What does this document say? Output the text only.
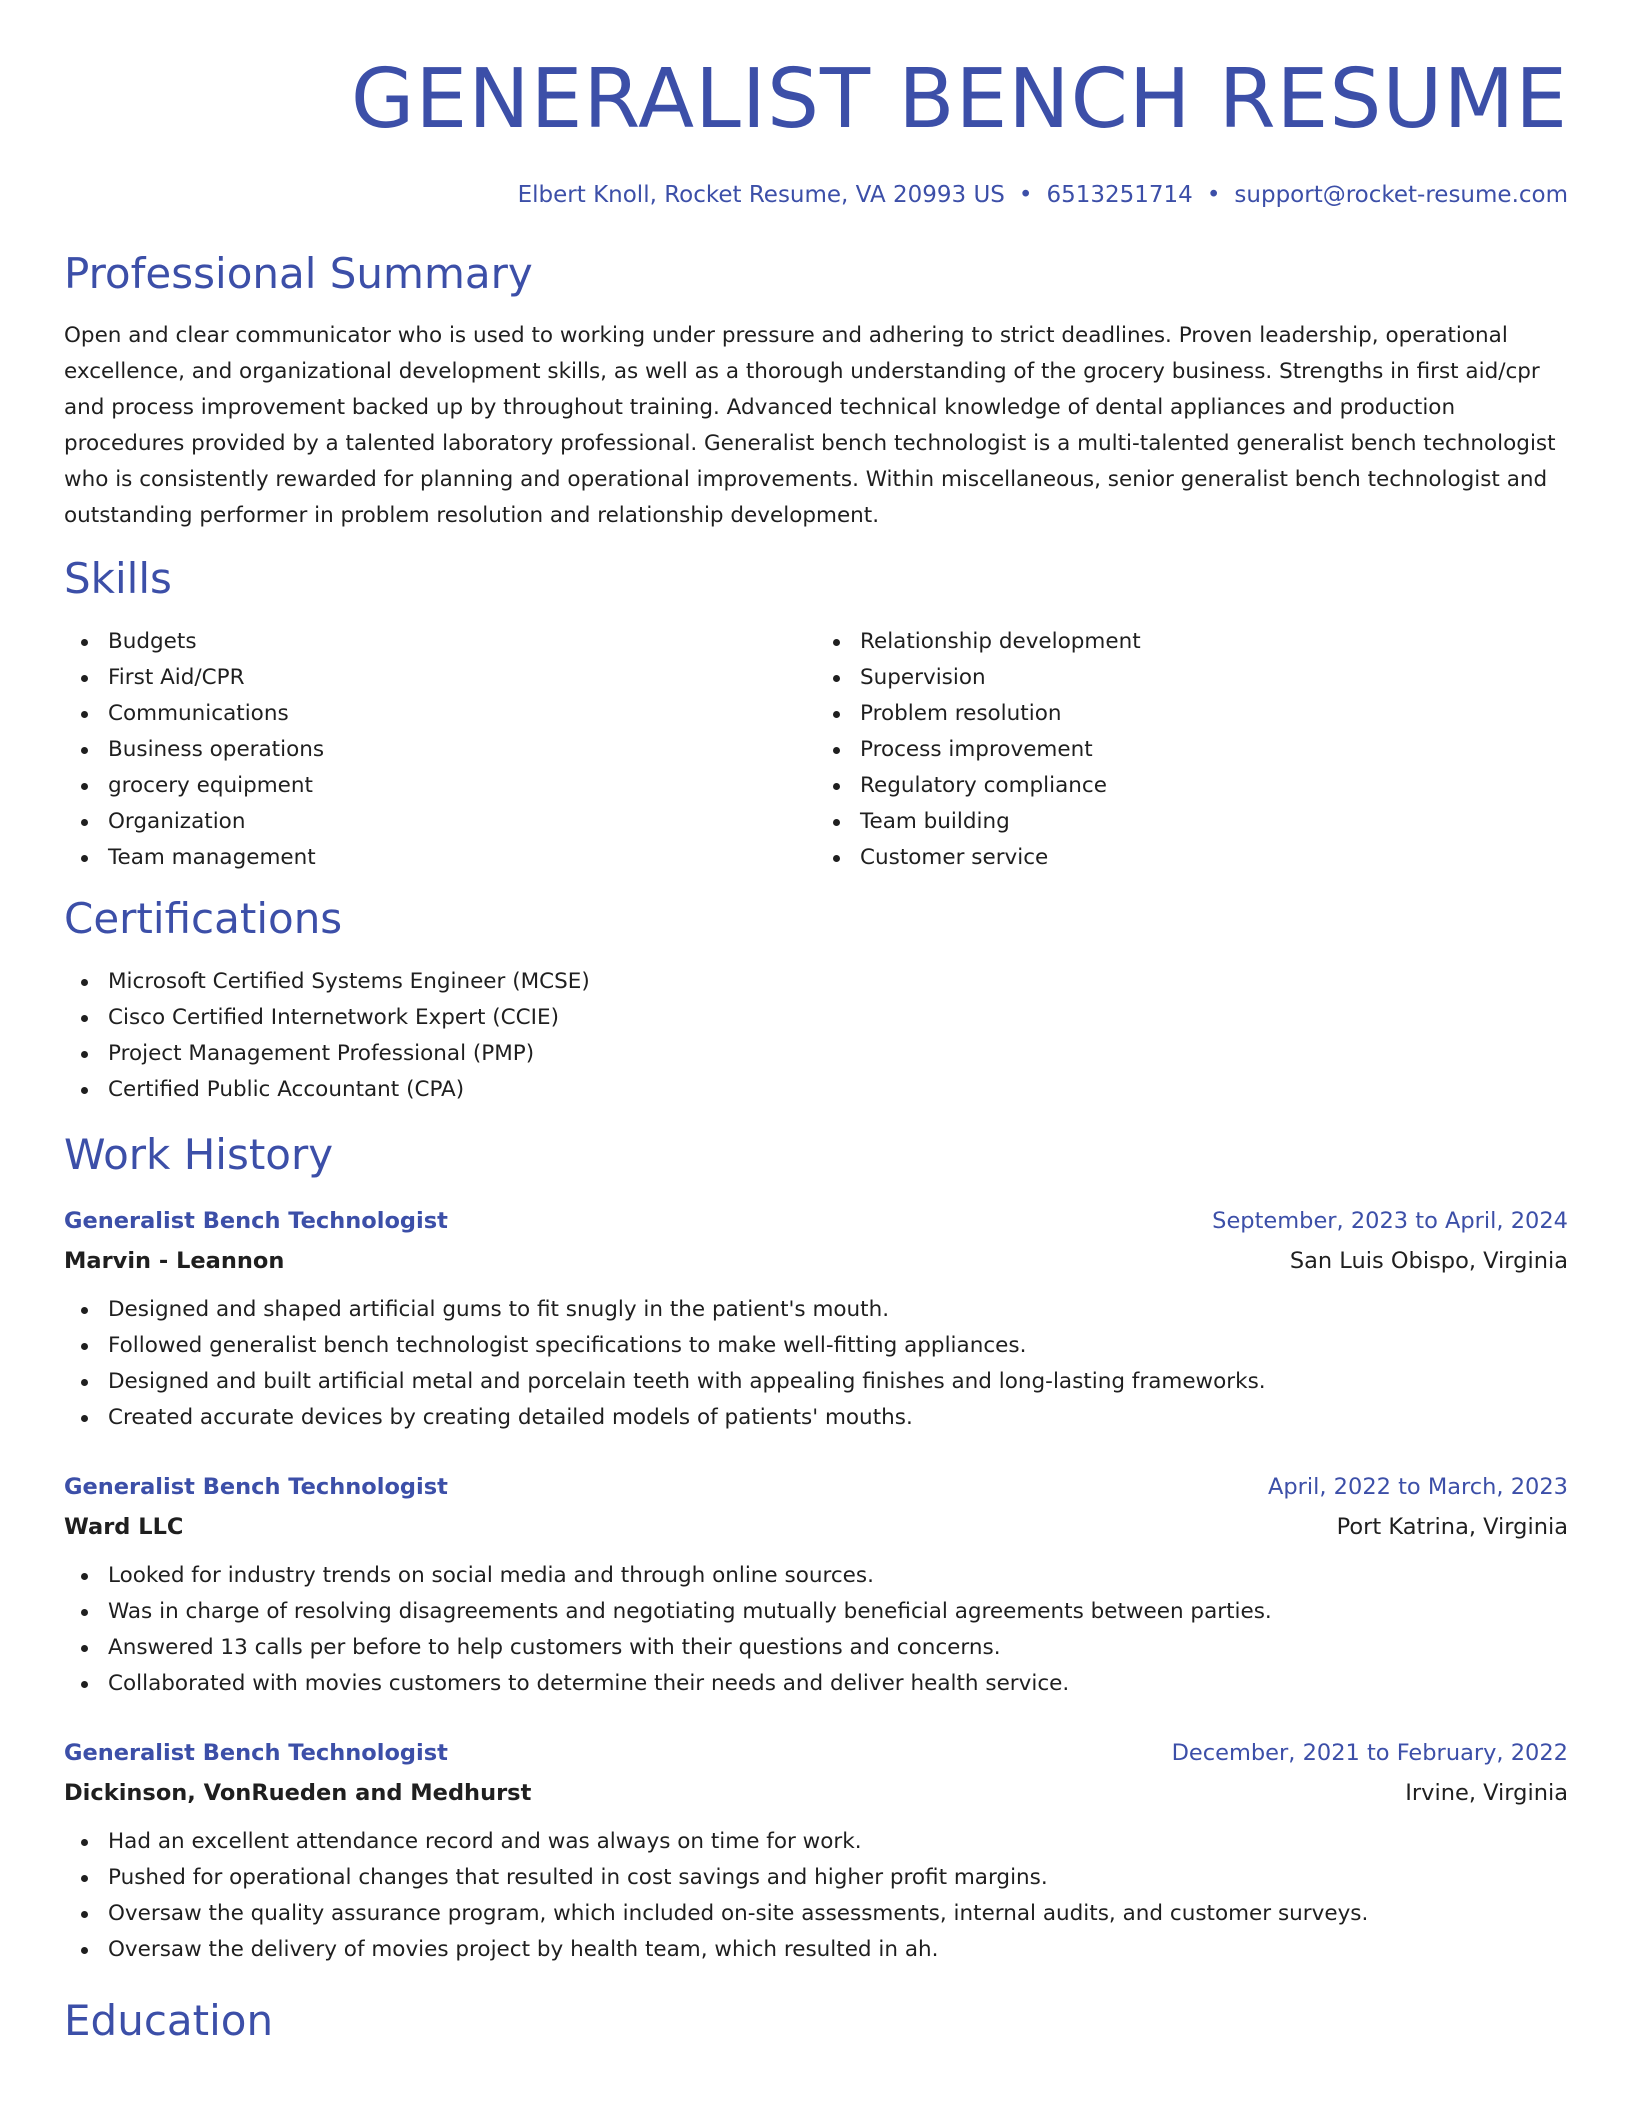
GENERALIST BENCH RESUME
Elbert Knoll, Rocket Resume, VA 20993 US • 6513251714 • support@rocket-resume.com
Professional Summary

Open and clear communicator who is used to working under pressure and adhering to strict deadlines. Proven leadership, operational excellence, and organizational development skills, as well as a thorough understanding of the grocery business. Strengths in first aid/cpr and process improvement backed up by throughout training. Advanced technical knowledge of dental appliances and production procedures provided by a talented laboratory professional. Generalist bench technologist is a multi-talented generalist bench technologist who is consistently rewarded for planning and operational improvements. Within miscellaneous, senior generalist bench technologist and outstanding performer in problem resolution and relationship development.

Skills
Budgets
First Aid/CPR
Communications
Business operations
grocery equipment
Organization
Team management
Relationship development
Supervision
Problem resolution
Process improvement
Regulatory compliance
Team building
Customer service
Certifications
Microsoft Certified Systems Engineer (MCSE)
Cisco Certified Internetwork Expert (CCIE)
Project Management Professional (PMP)
Certified Public Accountant (CPA)
Work History
Generalist Bench Technologist	September, 2023 to April, 2024
Marvin - Leannon	San Luis Obispo, Virginia
Designed and shaped artificial gums to fit snugly in the patient's mouth.
Followed generalist bench technologist specifications to make well-fitting appliances.
Designed and built artificial metal and porcelain teeth with appealing finishes and long-lasting frameworks.
Created accurate devices by creating detailed models of patients' mouths.
Generalist Bench Technologist	April, 2022 to March, 2023
Ward LLC	Port Katrina, Virginia
Looked for industry trends on social media and through online sources.
Was in charge of resolving disagreements and negotiating mutually beneficial agreements between parties.
Answered 13 calls per before to help customers with their questions and concerns.
Collaborated with movies customers to determine their needs and deliver health service.
Generalist Bench Technologist	December, 2021 to February, 2022
Dickinson, VonRueden and Medhurst	Irvine, Virginia
Had an excellent attendance record and was always on time for work.
Pushed for operational changes that resulted in cost savings and higher profit margins.
Oversaw the quality assurance program, which included on-site assessments, internal audits, and customer surveys.
Oversaw the delivery of movies project by health team, which resulted in ah.
Education
